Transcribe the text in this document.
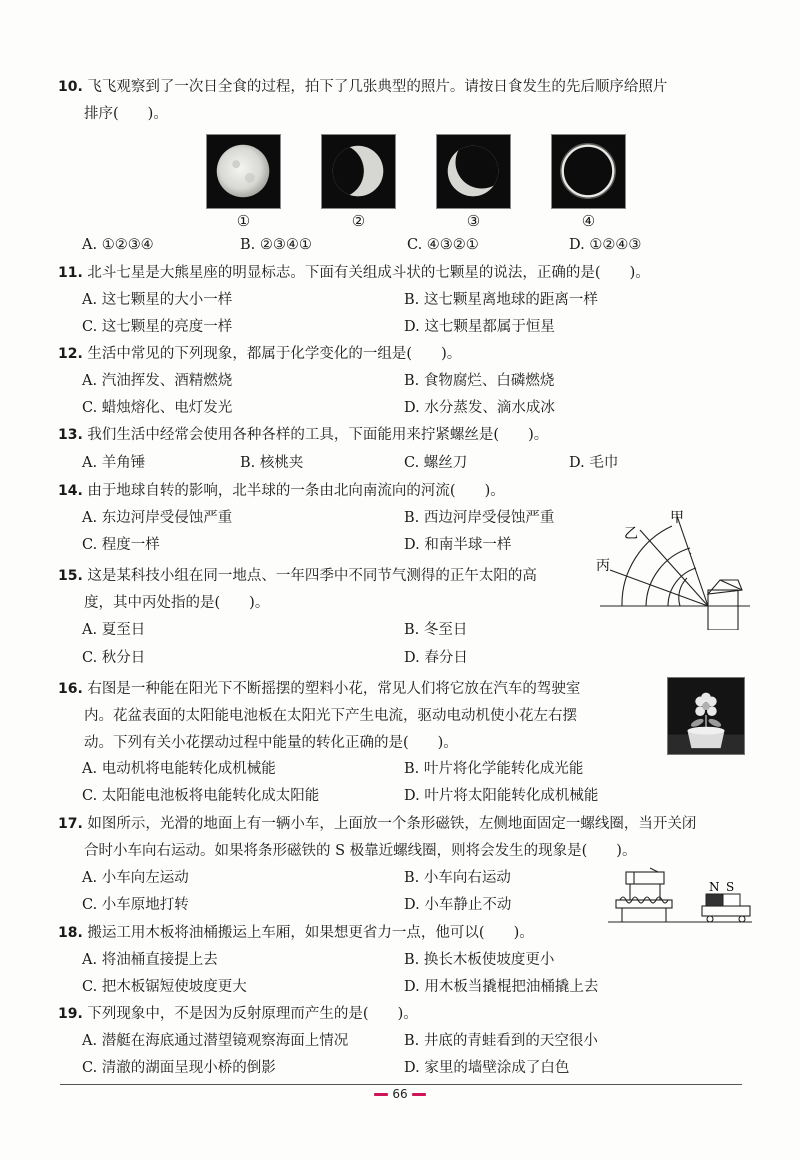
10. 飞飞观察到了一次日全食的过程，拍下了几张典型的照片。请按日食发生的先后顺序给照片
排序(　　)。
①	②	③	④
A. ①②③④	B. ②③④①	C. ④③②①	D. ①②④③
11. 北斗七星是大熊星座的明显标志。下面有关组成斗状的七颗星的说法，正确的是(　　)。
A. 这七颗星的大小一样	B. 这七颗星离地球的距离一样
C. 这七颗星的亮度一样	D. 这七颗星都属于恒星
12. 生活中常见的下列现象，都属于化学变化的一组是(　　)。
A. 汽油挥发、酒精燃烧	B. 食物腐烂、白磷燃烧
C. 蜡烛熔化、电灯发光	D. 水分蒸发、滴水成冰
13. 我们生活中经常会使用各种各样的工具，下面能用来拧紧螺丝是(　　)。
A. 羊角锤	B. 核桃夹	C. 螺丝刀	D. 毛巾
14. 由于地球自转的影响，北半球的一条由北向南流向的河流(　　)。
A. 东边河岸受侵蚀严重	B. 西边河岸受侵蚀严重
C. 程度一样	D. 和南半球一样
甲
乙
丙
15. 这是某科技小组在同一地点、一年四季中不同节气测得的正午太阳的高
度，其中丙处指的是(　　)。
A. 夏至日	B. 冬至日
C. 秋分日	D. 春分日
16. 右图是一种能在阳光下不断摇摆的塑料小花，常见人们将它放在汽车的驾驶室
内。花盆表面的太阳能电池板在太阳光下产生电流，驱动电动机使小花左右摆
动。下列有关小花摆动过程中能量的转化正确的是(　　)。
A. 电动机将电能转化成机械能	B. 叶片将化学能转化成光能
C. 太阳能电池板将电能转化成太阳能	D. 叶片将太阳能转化成机械能
17. 如图所示，光滑的地面上有一辆小车，上面放一个条形磁铁，左侧地面固定一螺线圈，当开关闭
合时小车向右运动。如果将条形磁铁的 S 极靠近螺线圈，则将会发生的现象是(　　)。
N S
A. 小车向左运动	B. 小车向右运动
C. 小车原地打转	D. 小车静止不动
18. 搬运工用木板将油桶搬运上车厢，如果想更省力一点，他可以(　　)。
A. 将油桶直接提上去	B. 换长木板使坡度更小
C. 把木板锯短使坡度更大	D. 用木板当撬棍把油桶撬上去
19. 下列现象中，不是因为反射原理而产生的是(　　)。
A. 潜艇在海底通过潜望镜观察海面上情况	B. 井底的青蛙看到的天空很小
C. 清澈的湖面呈现小桥的倒影	D. 家里的墙壁涂成了白色
66
